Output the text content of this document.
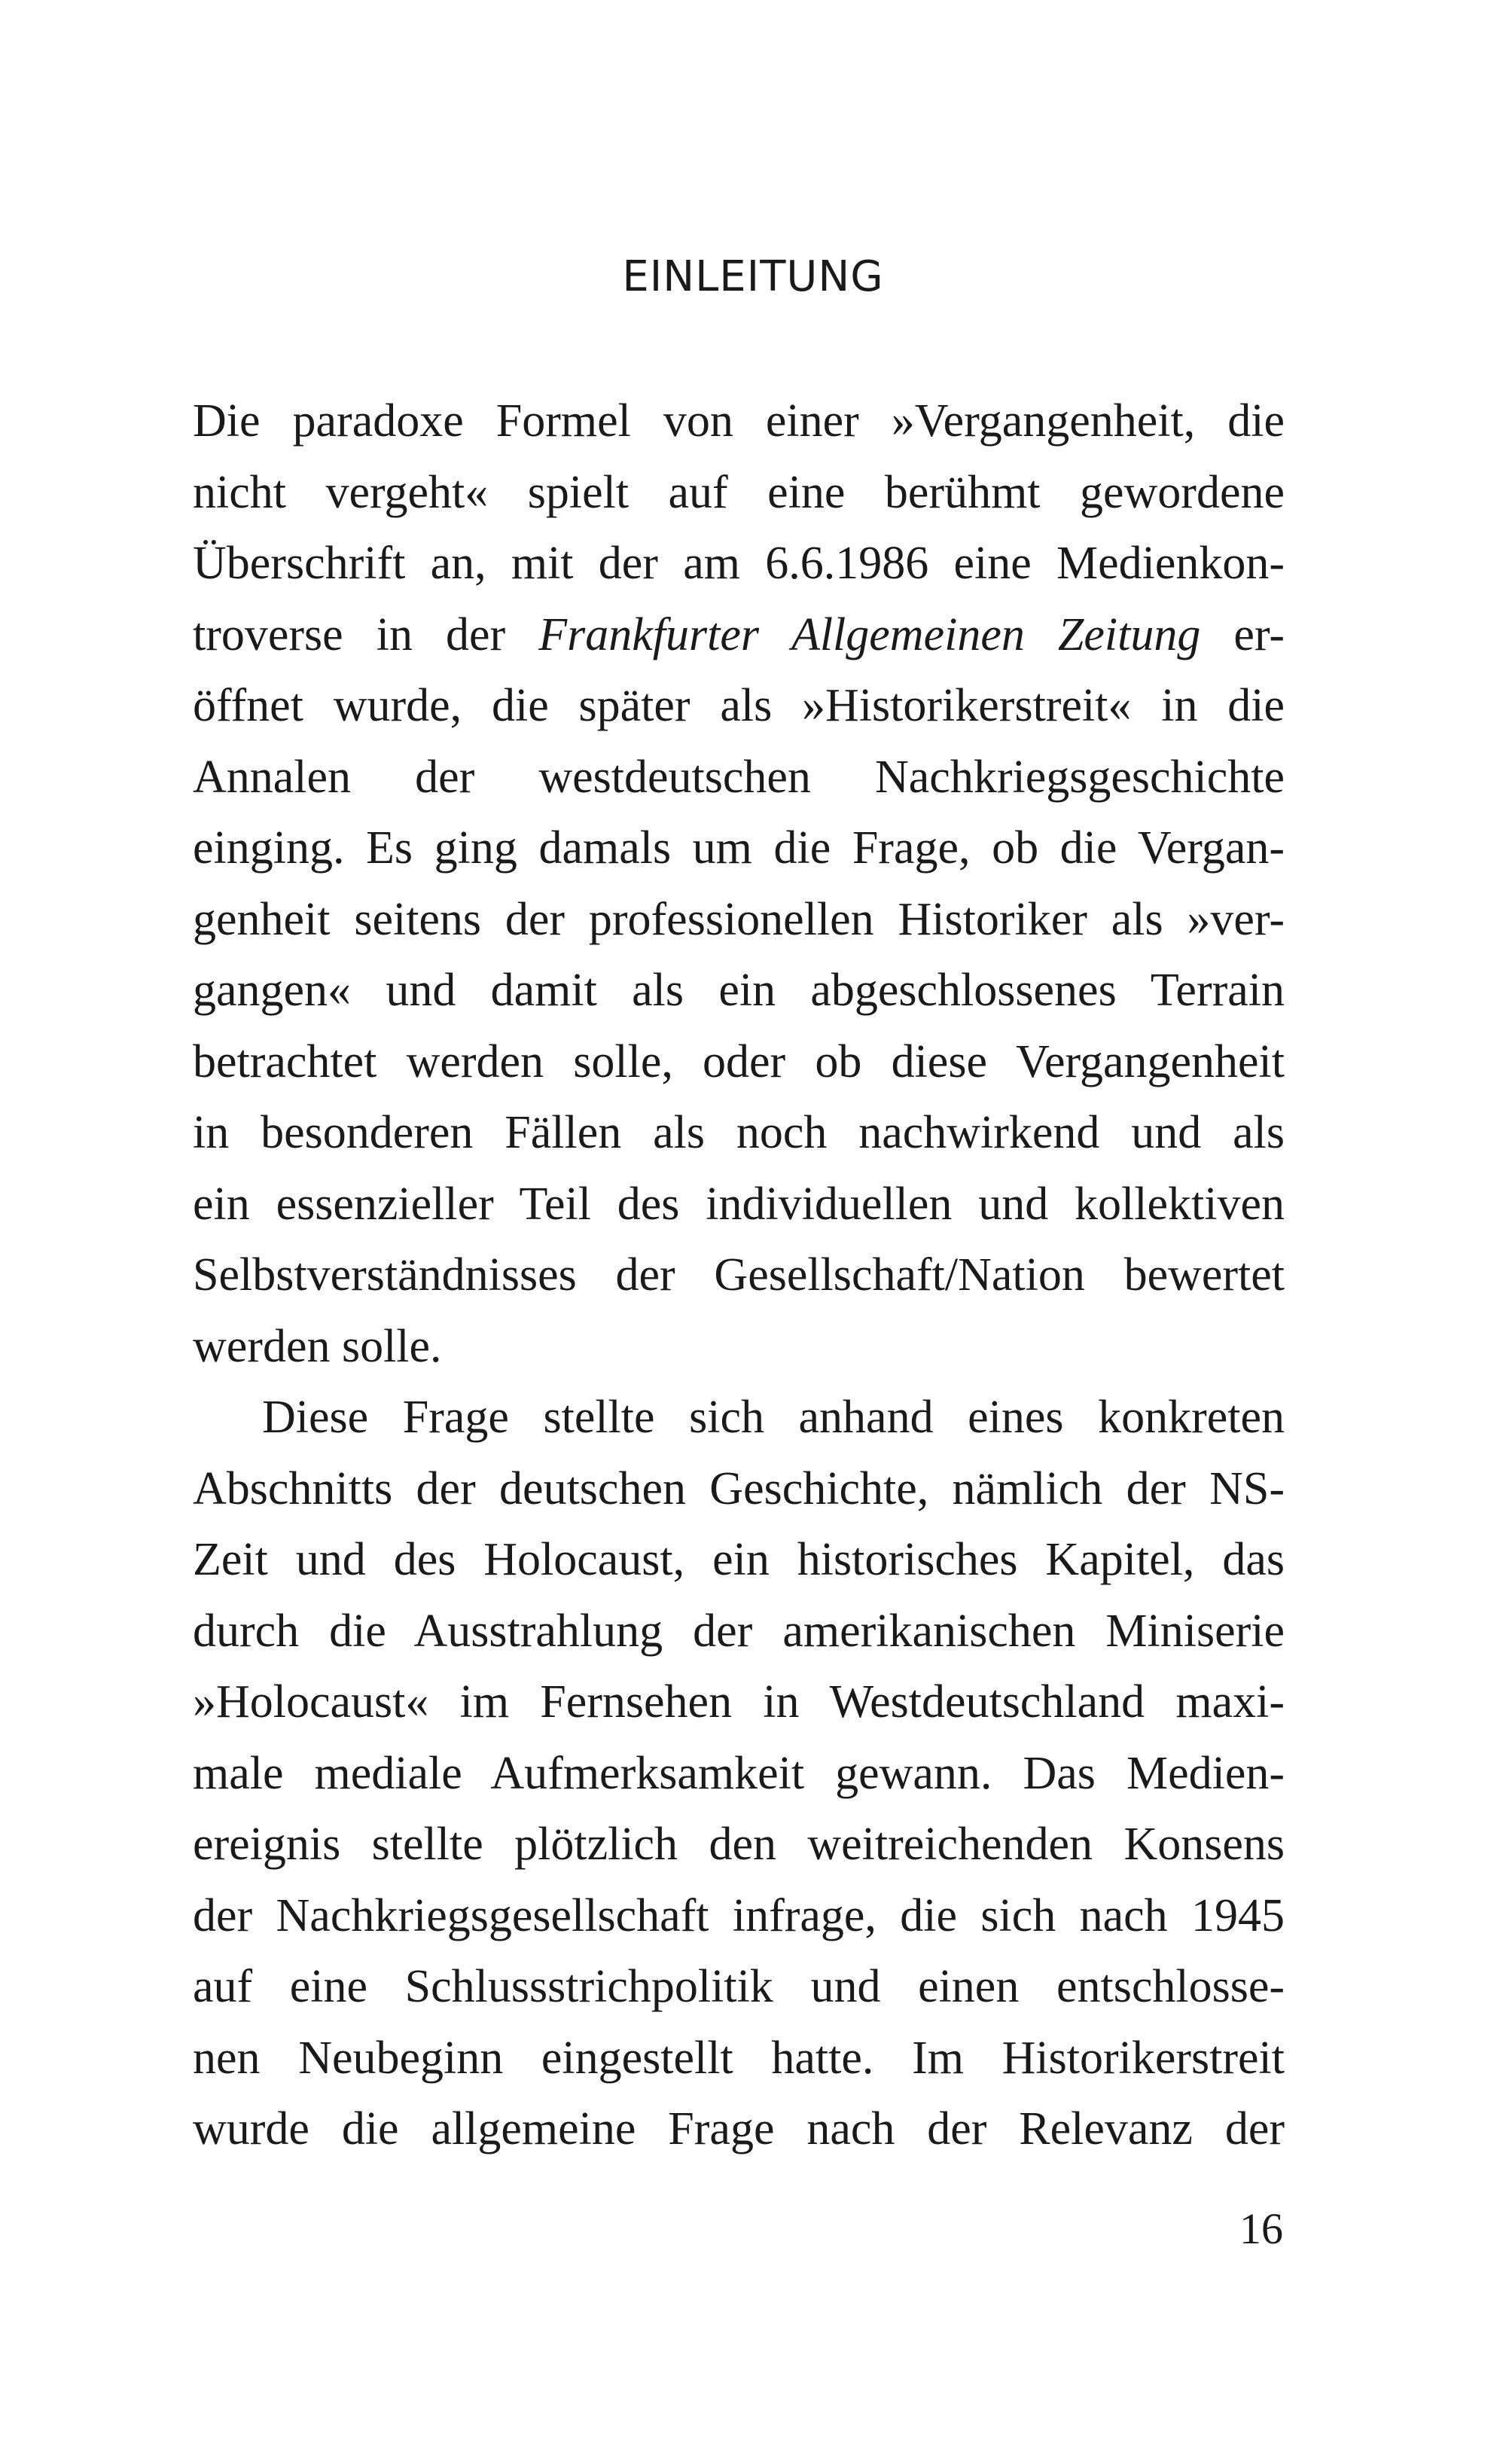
EINLEITUNG
Die paradoxe Formel von einer »Vergangenheit, die
nicht vergeht« spielt auf eine berühmt gewordene
Überschrift an, mit der am 6.6.1986 eine Medienkon-
troverse in der Frankfurter Allgemeinen Zeitung er-
öffnet wurde, die später als »Historikerstreit« in die
Annalen der westdeutschen Nachkriegsgeschichte
einging. Es ging damals um die Frage, ob die Vergan-
genheit seitens der professionellen Historiker als »ver-
gangen« und damit als ein abgeschlossenes Terrain
betrachtet werden solle, oder ob diese Vergangenheit
in besonderen Fällen als noch nachwirkend und als
ein essenzieller Teil des individuellen und kollektiven
Selbstverständnisses der Gesellschaft/Nation bewertet
werden solle.
Diese Frage stellte sich anhand eines konkreten
Abschnitts der deutschen Geschichte, nämlich der NS-
Zeit und des Holocaust, ein historisches Kapitel, das
durch die Ausstrahlung der amerikanischen Miniserie
»Holocaust« im Fernsehen in Westdeutschland maxi-
male mediale Aufmerksamkeit gewann. Das Medien-
ereignis stellte plötzlich den weitreichenden Konsens
der Nachkriegsgesellschaft infrage, die sich nach 1945
auf eine Schlussstrichpolitik und einen entschlosse-
nen Neubeginn eingestellt hatte. Im Historikerstreit
wurde die allgemeine Frage nach der Relevanz der
16
